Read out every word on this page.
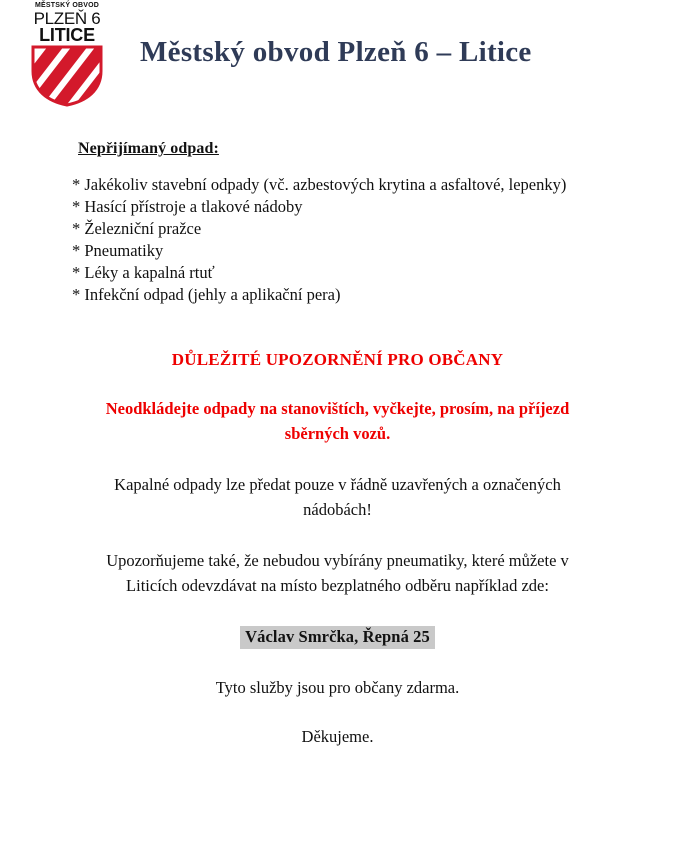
MĚSTSKÝ OBVOD
PLZEŇ 6
LITICE
Městský obvod Plzeň 6 – Litice
Nepřijímaný odpad:
* Jakékoliv stavební odpady (vč. azbestových krytina a asfaltové, lepenky)
* Hasící přístroje a tlakové nádoby
* Železniční pražce
* Pneumatiky
* Léky a kapalná rtuť
* Infekční odpad (jehly a aplikační pera)
DŮLEŽITÉ UPOZORNĚNÍ PRO OBČANY
Neodkládejte odpady na stanovištích, vyčkejte, prosím, na příjezd sběrných vozů.
Kapalné odpady lze předat pouze v řádně uzavřených a označených nádobách!
Upozorňujeme také, že nebudou vybírány pneumatiky, které můžete v Liticích odevzdávat na místo bezplatného odběru například zde:
Václav Smrčka, Řepná 25
Tyto služby jsou pro občany zdarma.
Děkujeme.
